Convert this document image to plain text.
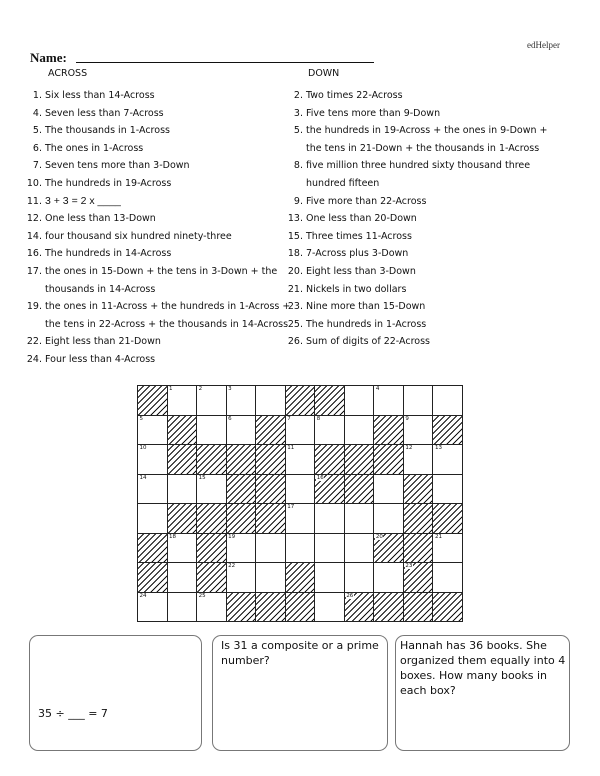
edHelper
Name:
ACROSS	DOWN
1. Six less than 14-Across
4. Seven less than 7-Across
5. The thousands in 1-Across
6. The ones in 1-Across
7. Seven tens more than 3-Down
10. The hundreds in 19-Across
11. 3 + 3 = 2 x ____
12. One less than 13-Down
14. four thousand six hundred ninety-three
16. The hundreds in 14-Across
17. the ones in 15-Down + the tens in 3-Down + the
thousands in 14-Across
19. the ones in 11-Across + the hundreds in 1-Across +
the tens in 22-Across + the thousands in 14-Across
22. Eight less than 21-Down
24. Four less than 4-Across
2. Two times 22-Across
3. Five tens more than 9-Down
5. the hundreds in 19-Across + the ones in 9-Down +
the tens in 21-Down + the thousands in 1-Across
8. five million three hundred sixty thousand three
hundred fifteen
9. Five more than 22-Across
13. One less than 20-Down
15. Three times 11-Across
18. 7-Across plus 3-Down
20. Eight less than 3-Down
21. Nickels in two dollars
23. Nine more than 15-Down
25. The hundreds in 1-Across
26. Sum of digits of 22-Across
1	2	3	4
5	6	7	8	9
10	11	12	13
14	15	16
17
18	19	20	21
22	23
24	25	26
35 ÷ ___ = 7
Is 31 a composite or a prime number?
Hannah has 36 books. She organized them equally into 4 boxes. How many books in each box?
